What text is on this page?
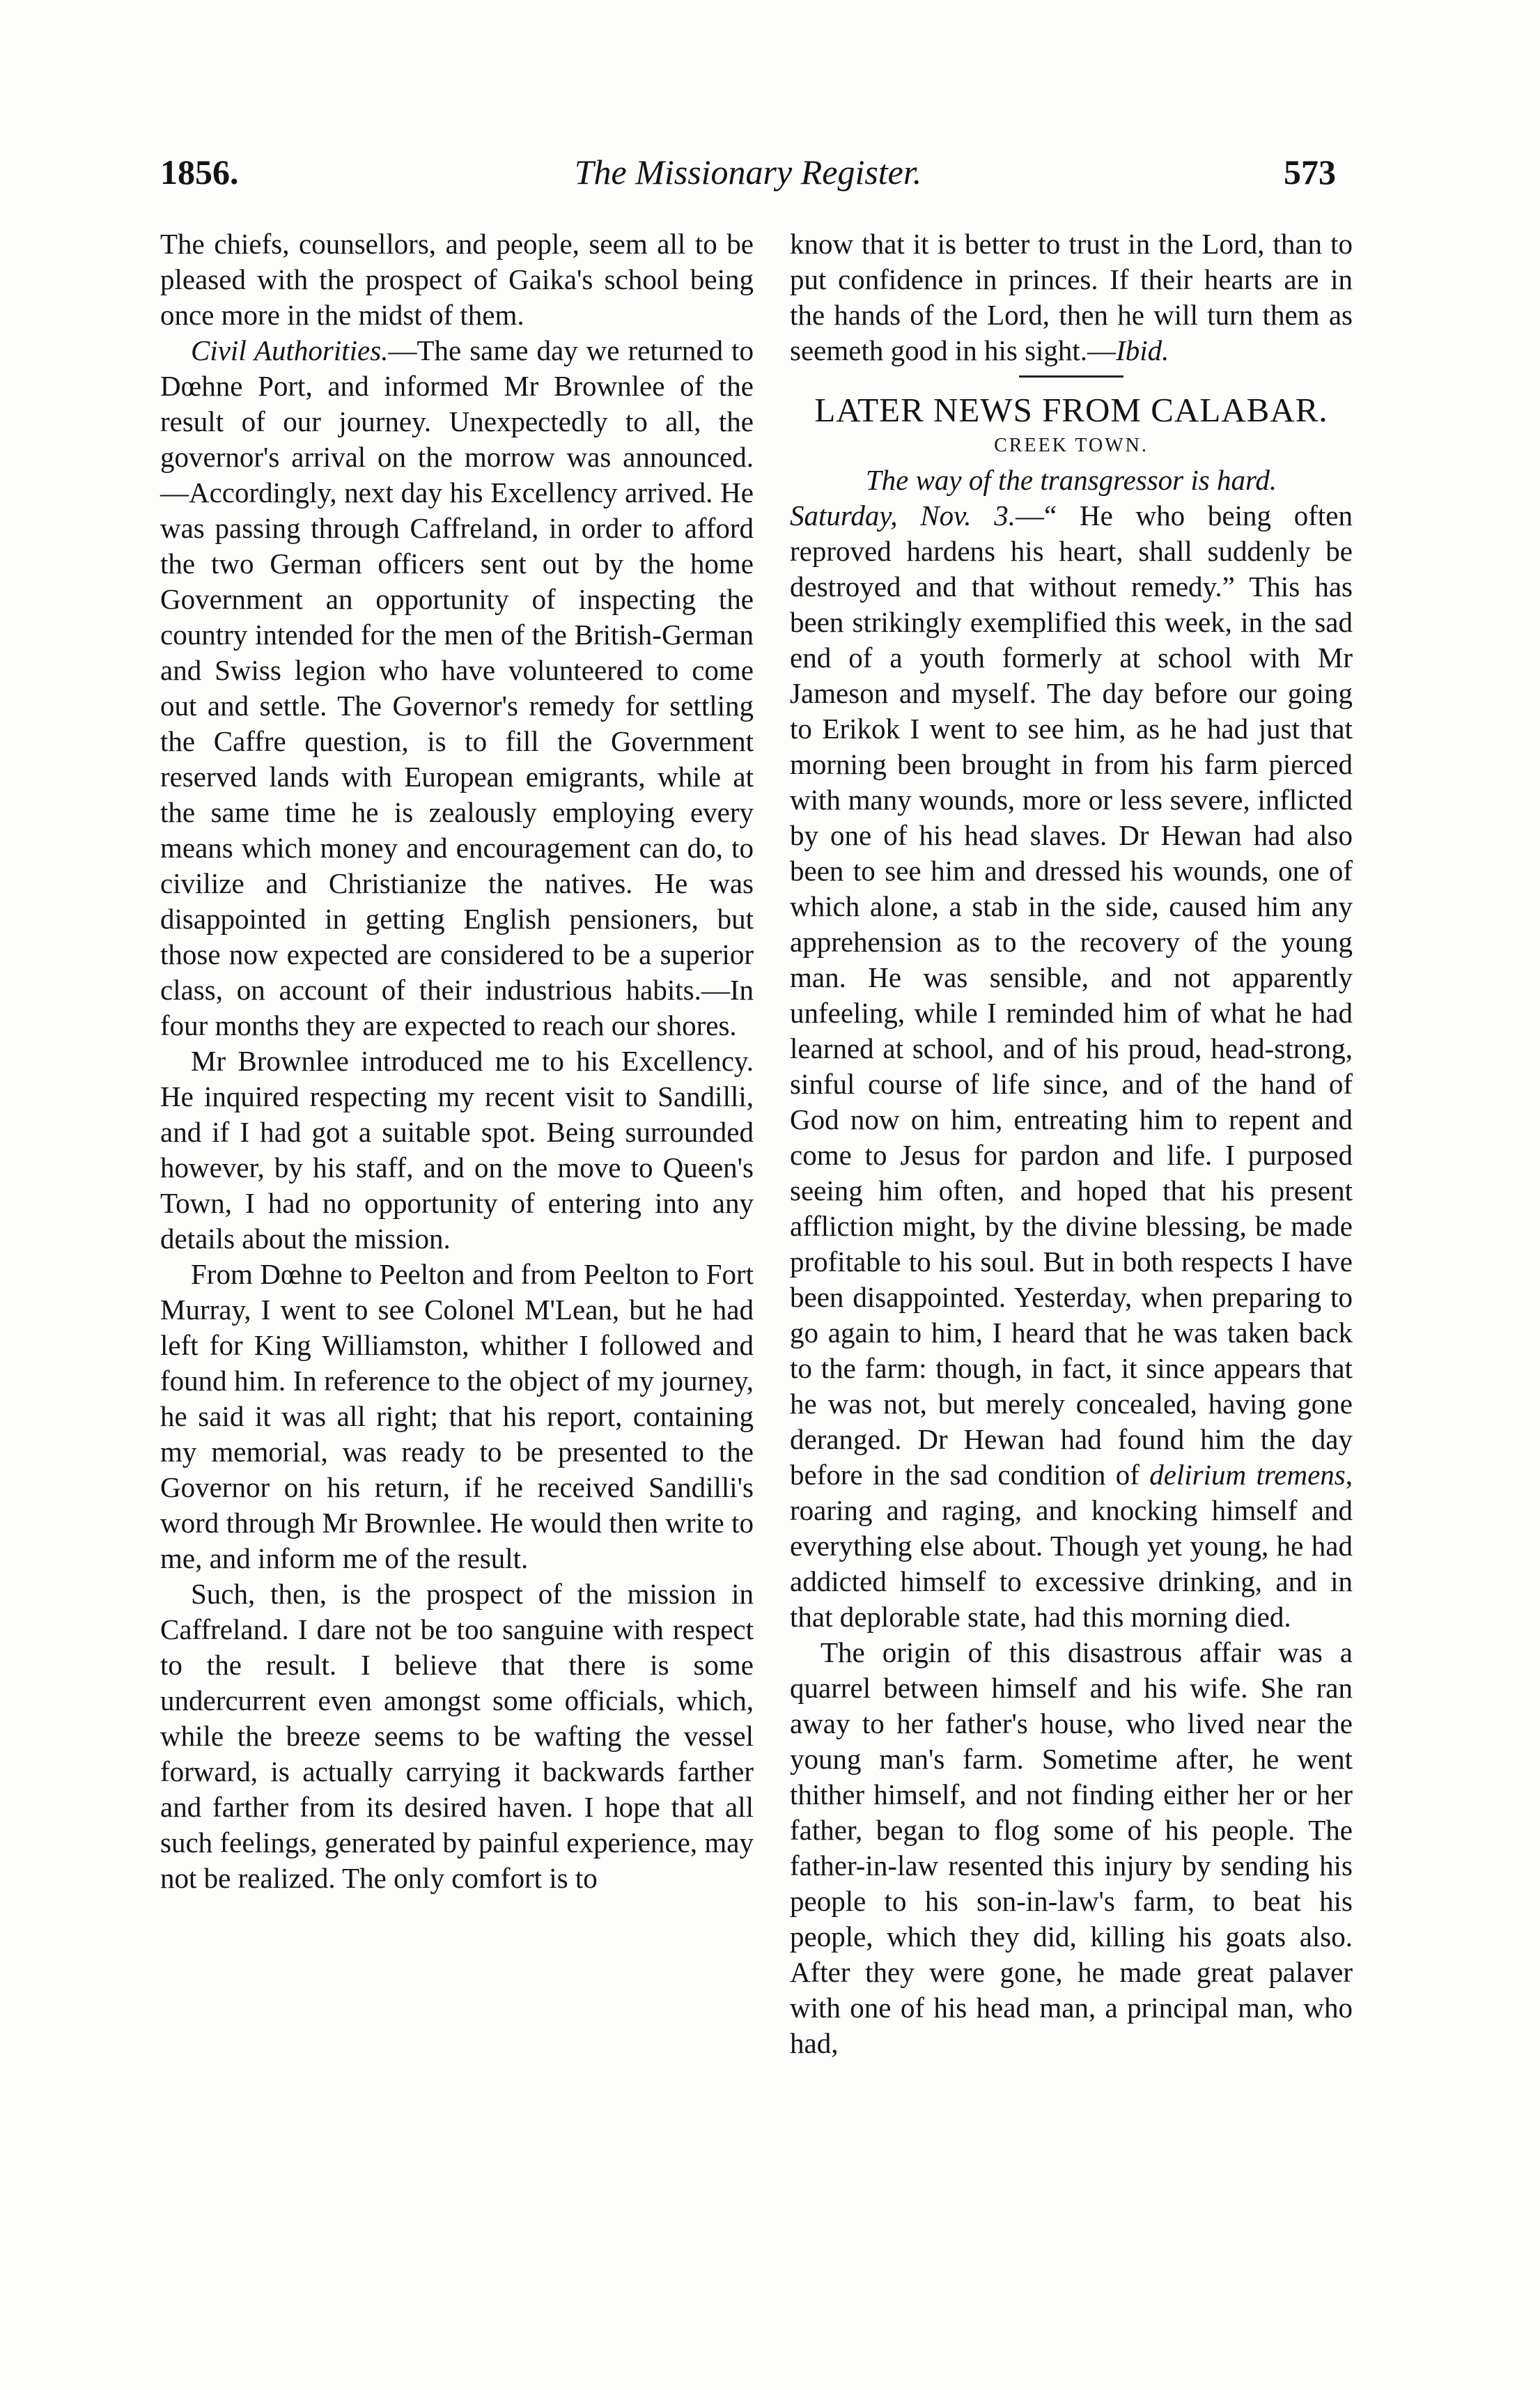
1856.	The Missionary Register.	573

The chiefs, counsellors, and people, seem all to be pleased with the prospect of Gaika's school being once more in the midst of them.

Civil Authorities.—The same day we returned to Dœhne Port, and informed Mr Brownlee of the result of our journey. Unexpectedly to all, the governor's arrival on the morrow was announced.—Accordingly, next day his Excellency arrived. He was passing through Caffreland, in order to afford the two German officers sent out by the home Government an opportunity of inspecting the country intended for the men of the British-German and Swiss legion who have volunteered to come out and settle. The Governor's remedy for settling the Caffre question, is to fill the Government reserved lands with European emigrants, while at the same time he is zealously employing every means which money and encouragement can do, to civilize and Christianize the natives. He was disappointed in getting English pensioners, but those now expected are considered to be a superior class, on account of their industrious habits.—In four months they are expected to reach our shores.

Mr Brownlee introduced me to his Excellency. He inquired respecting my recent visit to Sandilli, and if I had got a suitable spot. Being surrounded however, by his staff, and on the move to Queen's Town, I had no opportunity of entering into any details about the mission.

From Dœhne to Peelton and from Peelton to Fort Murray, I went to see Colonel M'Lean, but he had left for King Williamston, whither I followed and found him. In reference to the object of my journey, he said it was all right; that his report, containing my memorial, was ready to be presented to the Governor on his return, if he received Sandilli's word through Mr Brownlee. He would then write to me, and inform me of the result.

Such, then, is the prospect of the mission in Caffreland. I dare not be too sanguine with respect to the result. I believe that there is some undercurrent even amongst some officials, which, while the breeze seems to be wafting the vessel forward, is actually carrying it backwards farther and farther from its desired haven. I hope that all such feelings, generated by painful experience, may not be realized. The only comfort is to

know that it is better to trust in the Lord, than to put confidence in princes. If their hearts are in the hands of the Lord, then he will turn them as seemeth good in his sight.—Ibid.

LATER NEWS FROM CALABAR.
CREEK TOWN.

The way of the transgressor is hard.

Saturday, Nov. 3.—“ He who being often reproved hardens his heart, shall suddenly be destroyed and that without remedy.” This has been strikingly exemplified this week, in the sad end of a youth formerly at school with Mr Jameson and myself. The day before our going to Erikok I went to see him, as he had just that morning been brought in from his farm pierced with many wounds, more or less severe, inflicted by one of his head slaves. Dr Hewan had also been to see him and dressed his wounds, one of which alone, a stab in the side, caused him any apprehension as to the recovery of the young man. He was sensible, and not apparently unfeeling, while I reminded him of what he had learned at school, and of his proud, head-strong, sinful course of life since, and of the hand of God now on him, entreating him to repent and come to Jesus for pardon and life. I purposed seeing him often, and hoped that his present affliction might, by the divine blessing, be made profitable to his soul. But in both respects I have been disappointed. Yesterday, when preparing to go again to him, I heard that he was taken back to the farm: though, in fact, it since appears that he was not, but merely concealed, having gone deranged. Dr Hewan had found him the day before in the sad condition of delirium tremens, roaring and raging, and knocking himself and everything else about. Though yet young, he had addicted himself to excessive drinking, and in that deplorable state, had this morning died.

The origin of this disastrous affair was a quarrel between himself and his wife. She ran away to her father's house, who lived near the young man's farm. Sometime after, he went thither himself, and not finding either her or her father, began to flog some of his people. The father-in-law resented this injury by sending his people to his son-in-law's farm, to beat his people, which they did, killing his goats also. After they were gone, he made great palaver with one of his head man, a principal man, who had,
